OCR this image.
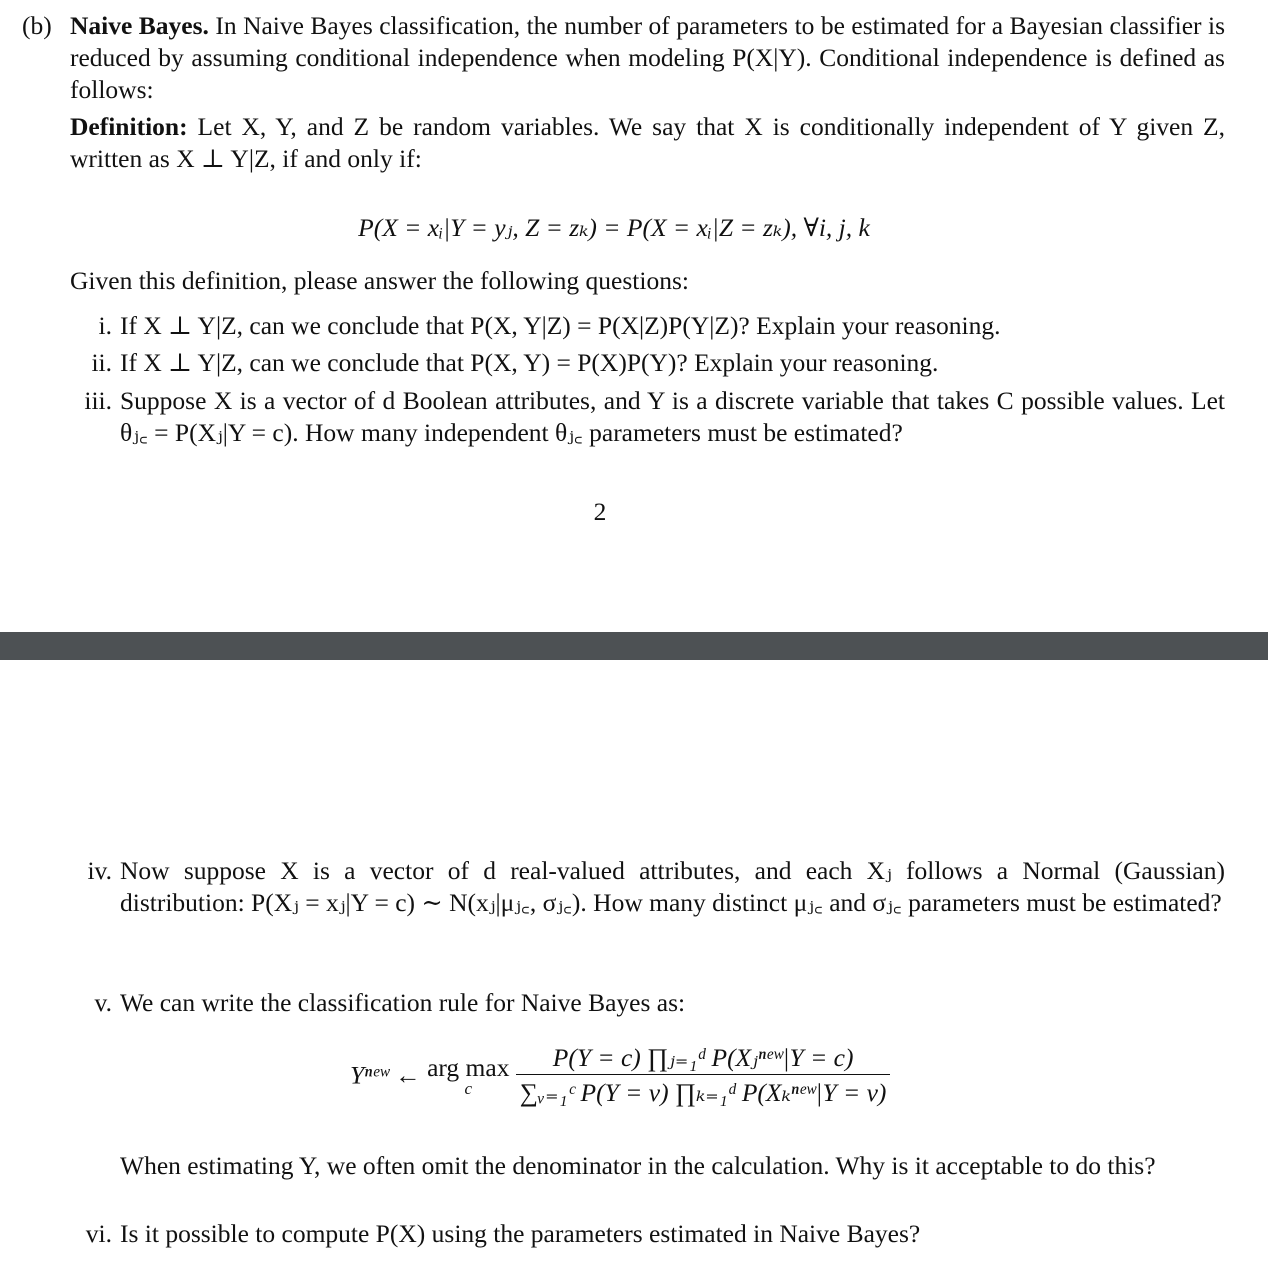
(b) Naive Bayes. In Naive Bayes classification, the number of parameters to be estimated for a Bayesian classifier is reduced by assuming conditional independence when modeling P(X|Y). Conditional independence is defined as follows:
Definition: Let X, Y, and Z be random variables. We say that X is conditionally independent of Y given Z, written as X ⊥ Y|Z, if and only if:
P(X = xᵢ|Y = yⱼ, Z = zₖ) = P(X = xᵢ|Z = zₖ), ∀i, j, k
Given this definition, please answer the following questions:
i. If X ⊥ Y|Z, can we conclude that P(X, Y|Z) = P(X|Z)P(Y|Z)? Explain your reasoning.
ii. If X ⊥ Y|Z, can we conclude that P(X, Y) = P(X)P(Y)? Explain your reasoning.
iii. Suppose X is a vector of d Boolean attributes, and Y is a discrete variable that takes C possible values. Let θⱼ꜀ = P(Xⱼ|Y = c). How many independent θⱼ꜀ parameters must be estimated?
2
iv. Now suppose X is a vector of d real-valued attributes, and each Xⱼ follows a Normal (Gaussian) distribution: P(Xⱼ = xⱼ|Y = c) ∼ N(xⱼ|μⱼ꜀, σⱼ꜀). How many distinct μⱼ꜀ and σⱼ꜀ parameters must be estimated?
v. We can write the classification rule for Naive Bayes as:
Yⁿᵉʷ ← arg max
c
	$\frac{\text{P(Y = c) ∏ⱼ₌₁ᵈ P(Xⱼⁿᵉʷ|Y = c)}}{\text{∑ᵥ₌₁ᶜ P(Y = v) ∏ₖ₌₁ᵈ P(Xₖⁿᵉʷ|Y = v)}}$
When estimating Y, we often omit the denominator in the calculation. Why is it acceptable to do this?
vi. Is it possible to compute P(X) using the parameters estimated in Naive Bayes?
